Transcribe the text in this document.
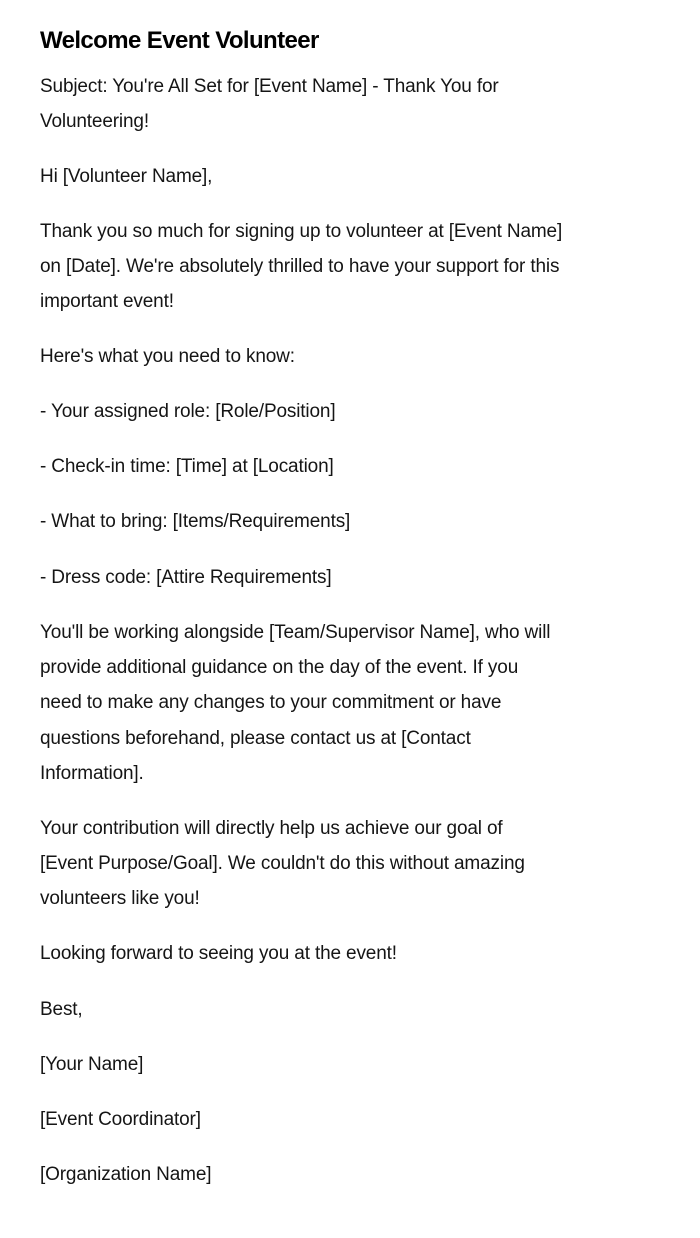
Welcome Event Volunteer

Subject: You're All Set for [Event Name] - Thank You for
Volunteering!

Hi [Volunteer Name],

Thank you so much for signing up to volunteer at [Event Name]
on [Date]. We're absolutely thrilled to have your support for this
important event!

Here's what you need to know:

- Your assigned role: [Role/Position]

- Check-in time: [Time] at [Location]

- What to bring: [Items/Requirements]

- Dress code: [Attire Requirements]

You'll be working alongside [Team/Supervisor Name], who will
provide additional guidance on the day of the event. If you
need to make any changes to your commitment or have
questions beforehand, please contact us at [Contact
Information].

Your contribution will directly help us achieve our goal of
[Event Purpose/Goal]. We couldn't do this without amazing
volunteers like you!

Looking forward to seeing you at the event!

Best,

[Your Name]

[Event Coordinator]

[Organization Name]
